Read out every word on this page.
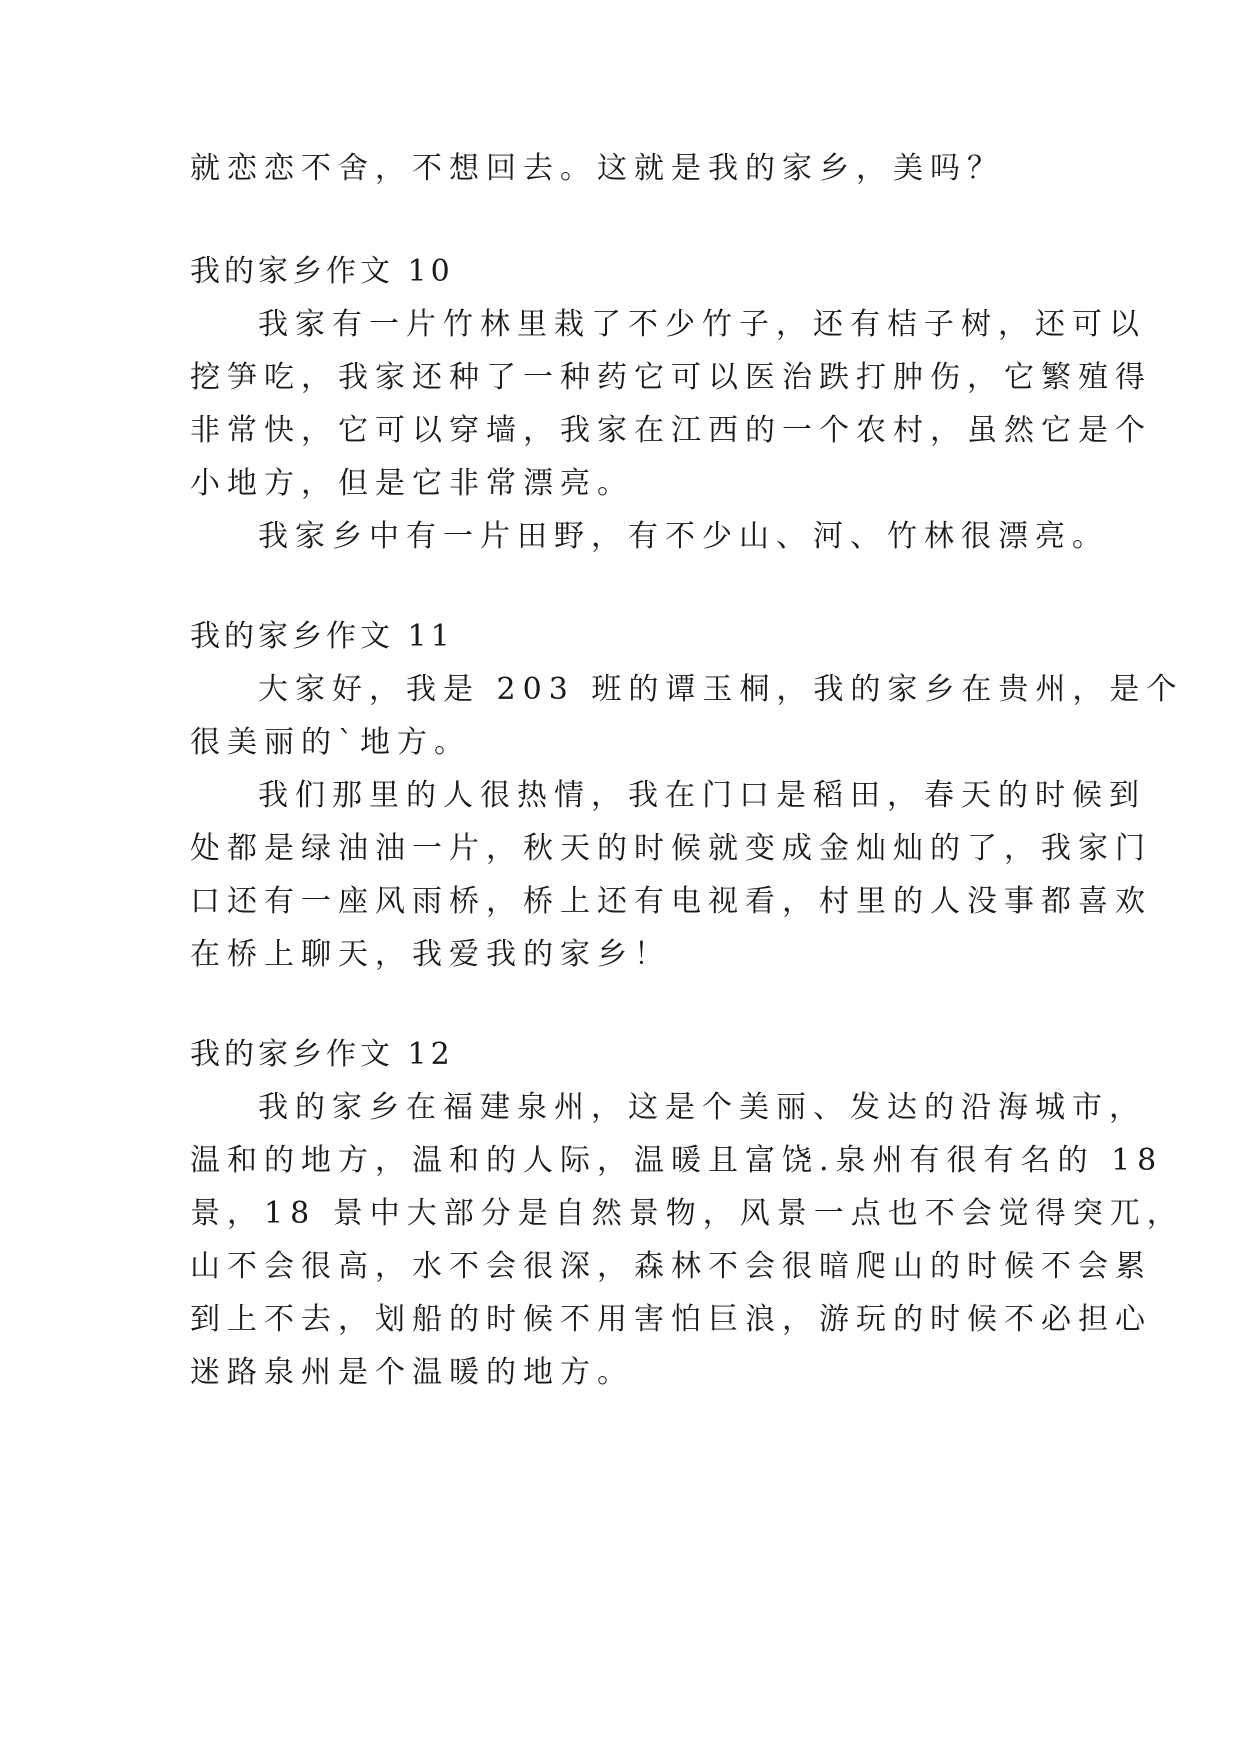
就恋恋不舍，不想回去。这就是我的家乡，美吗？

我的家乡作文 10

我家有一片竹林里栽了不少竹子，还有桔子树，还可以

挖笋吃，我家还种了一种药它可以医治跌打肿伤，它繁殖得

非常快，它可以穿墙，我家在江西的一个农村，虽然它是个

小地方，但是它非常漂亮。

我家乡中有一片田野，有不少山、河、竹林很漂亮。

我的家乡作文 11

大家好，我是 203 班的谭玉桐，我的家乡在贵州，是个

很美丽的`地方。

我们那里的人很热情，我在门口是稻田，春天的时候到

处都是绿油油一片，秋天的时候就变成金灿灿的了，我家门

口还有一座风雨桥，桥上还有电视看，村里的人没事都喜欢

在桥上聊天，我爱我的家乡！

我的家乡作文 12

我的家乡在福建泉州，这是个美丽、发达的沿海城市，

温和的地方，温和的人际，温暖且富饶.泉州有很有名的 18

景，18 景中大部分是自然景物，风景一点也不会觉得突兀，

山不会很高，水不会很深，森林不会很暗爬山的时候不会累

到上不去，划船的时候不用害怕巨浪，游玩的时候不必担心

迷路泉州是个温暖的地方。
